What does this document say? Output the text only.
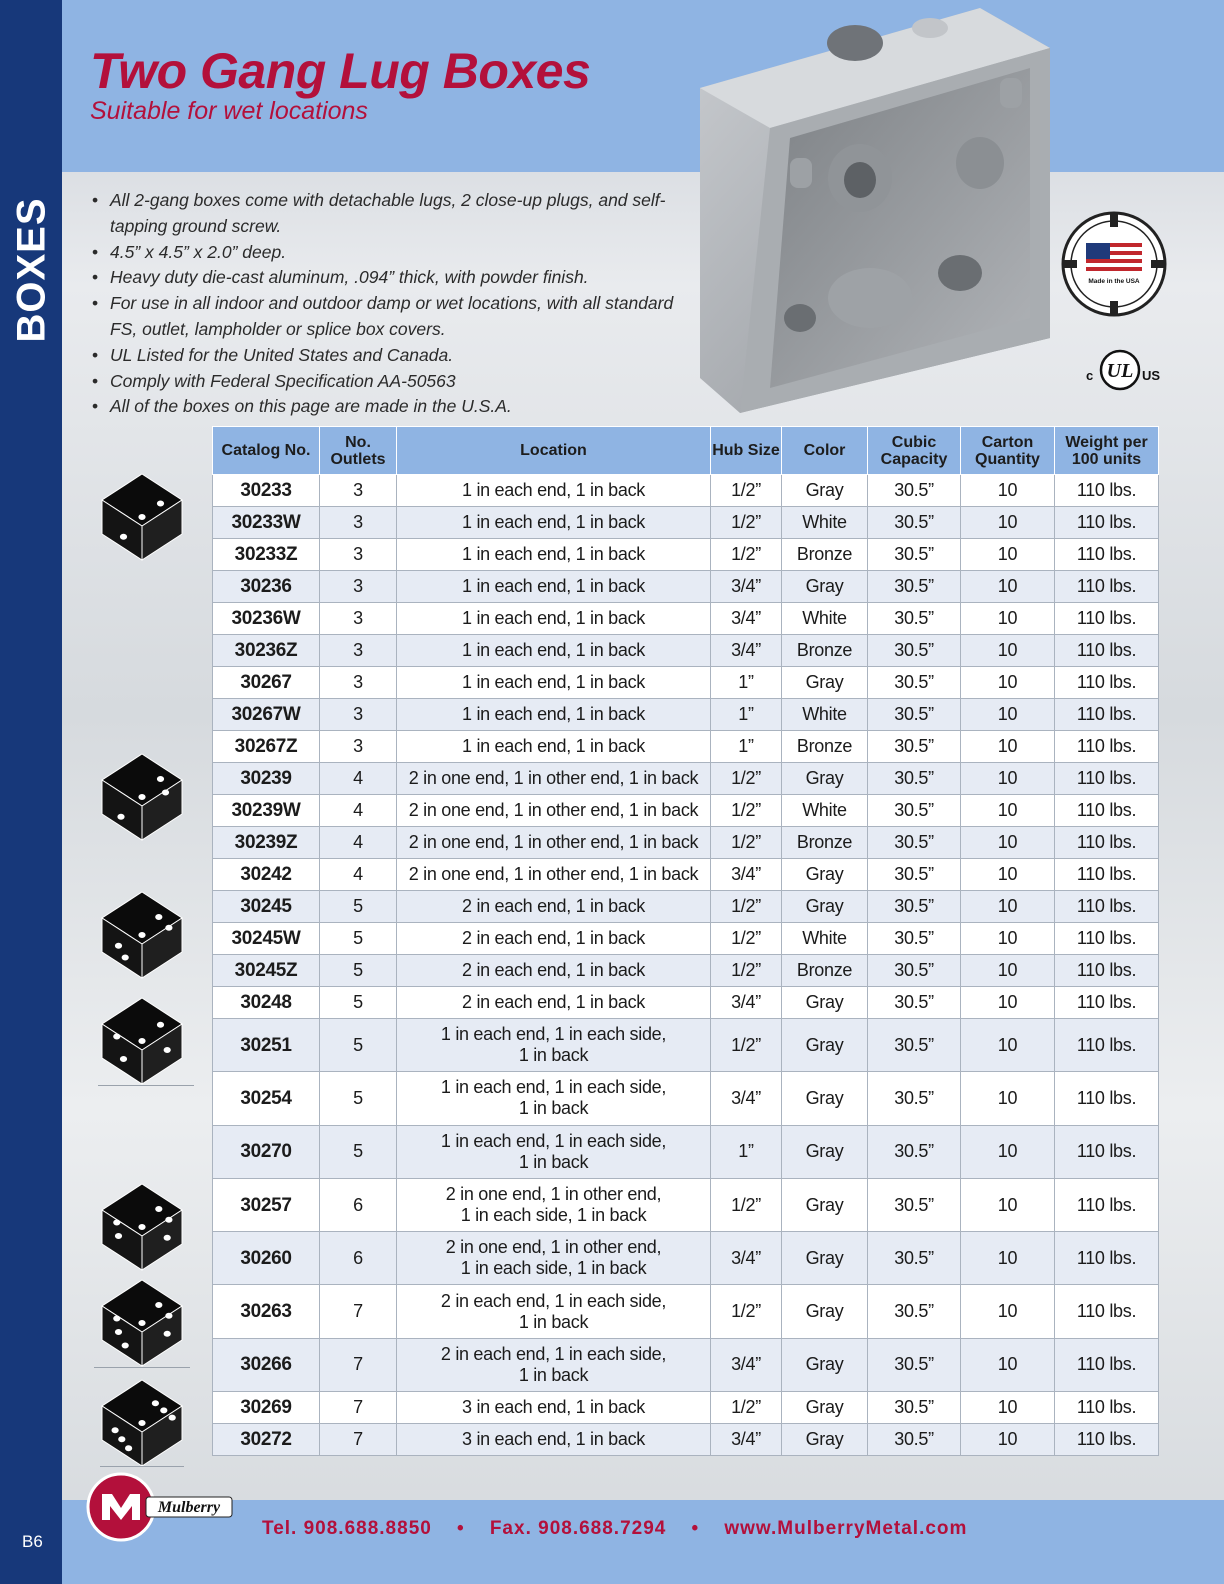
BOXES
B6
Two Gang Lug Boxes
Suitable for wet locations
Made in the USA
UL
c	US
• All 2-gang boxes come with detachable lugs, 2 close-up plugs, and self-tapping ground screw.
• 4.5” x 4.5” x 2.0” deep.
• Heavy duty die-cast aluminum, .094” thick, with powder finish.
• For use in all indoor and outdoor damp or wet locations, with all standard FS, outlet, lampholder or splice box covers.
• UL Listed for the United States and Canada.
• Comply with Federal Specification AA-50563
• All of the boxes on this page are made in the U.S.A.
Catalog No.	No. Outlets	Location	Hub Size	Color	Cubic Capacity	Carton Quantity	Weight per 100 units
30233	3	1 in each end, 1 in back	1/2”	Gray	30.5”	10	110 lbs.
30233W	3	1 in each end, 1 in back	1/2”	White	30.5”	10	110 lbs.
30233Z	3	1 in each end, 1 in back	1/2”	Bronze	30.5”	10	110 lbs.
30236	3	1 in each end, 1 in back	3/4”	Gray	30.5”	10	110 lbs.
30236W	3	1 in each end, 1 in back	3/4”	White	30.5”	10	110 lbs.
30236Z	3	1 in each end, 1 in back	3/4”	Bronze	30.5”	10	110 lbs.
30267	3	1 in each end, 1 in back	1”	Gray	30.5”	10	110 lbs.
30267W	3	1 in each end, 1 in back	1”	White	30.5”	10	110 lbs.
30267Z	3	1 in each end, 1 in back	1”	Bronze	30.5”	10	110 lbs.
30239	4	2 in one end, 1 in other end, 1 in back	1/2”	Gray	30.5”	10	110 lbs.
30239W	4	2 in one end, 1 in other end, 1 in back	1/2”	White	30.5”	10	110 lbs.
30239Z	4	2 in one end, 1 in other end, 1 in back	1/2”	Bronze	30.5”	10	110 lbs.
30242	4	2 in one end, 1 in other end, 1 in back	3/4”	Gray	30.5”	10	110 lbs.
30245	5	2 in each end, 1 in back	1/2”	Gray	30.5”	10	110 lbs.
30245W	5	2 in each end, 1 in back	1/2”	White	30.5”	10	110 lbs.
30245Z	5	2 in each end, 1 in back	1/2”	Bronze	30.5”	10	110 lbs.
30248	5	2 in each end, 1 in back	3/4”	Gray	30.5”	10	110 lbs.
30251	5	1 in each end, 1 in each side,
1 in back	1/2”	Gray	30.5”	10	110 lbs.
30254	5	1 in each end, 1 in each side,
1 in back	3/4”	Gray	30.5”	10	110 lbs.
30270	5	1 in each end, 1 in each side,
1 in back	1”	Gray	30.5”	10	110 lbs.
30257	6	2 in one end, 1 in other end,
1 in each side, 1 in back	1/2”	Gray	30.5”	10	110 lbs.
30260	6	2 in one end, 1 in other end,
1 in each side, 1 in back	3/4”	Gray	30.5”	10	110 lbs.
30263	7	2 in each end, 1 in each side,
1 in back	1/2”	Gray	30.5”	10	110 lbs.
30266	7	2 in each end, 1 in each side,
1 in back	3/4”	Gray	30.5”	10	110 lbs.
30269	7	3 in each end, 1 in back	1/2”	Gray	30.5”	10	110 lbs.
30272	7	3 in each end, 1 in back	3/4”	Gray	30.5”	10	110 lbs.
Mulberry
Tel. 908.688.8850 • Fax. 908.688.7294 • www.MulberryMetal.com
